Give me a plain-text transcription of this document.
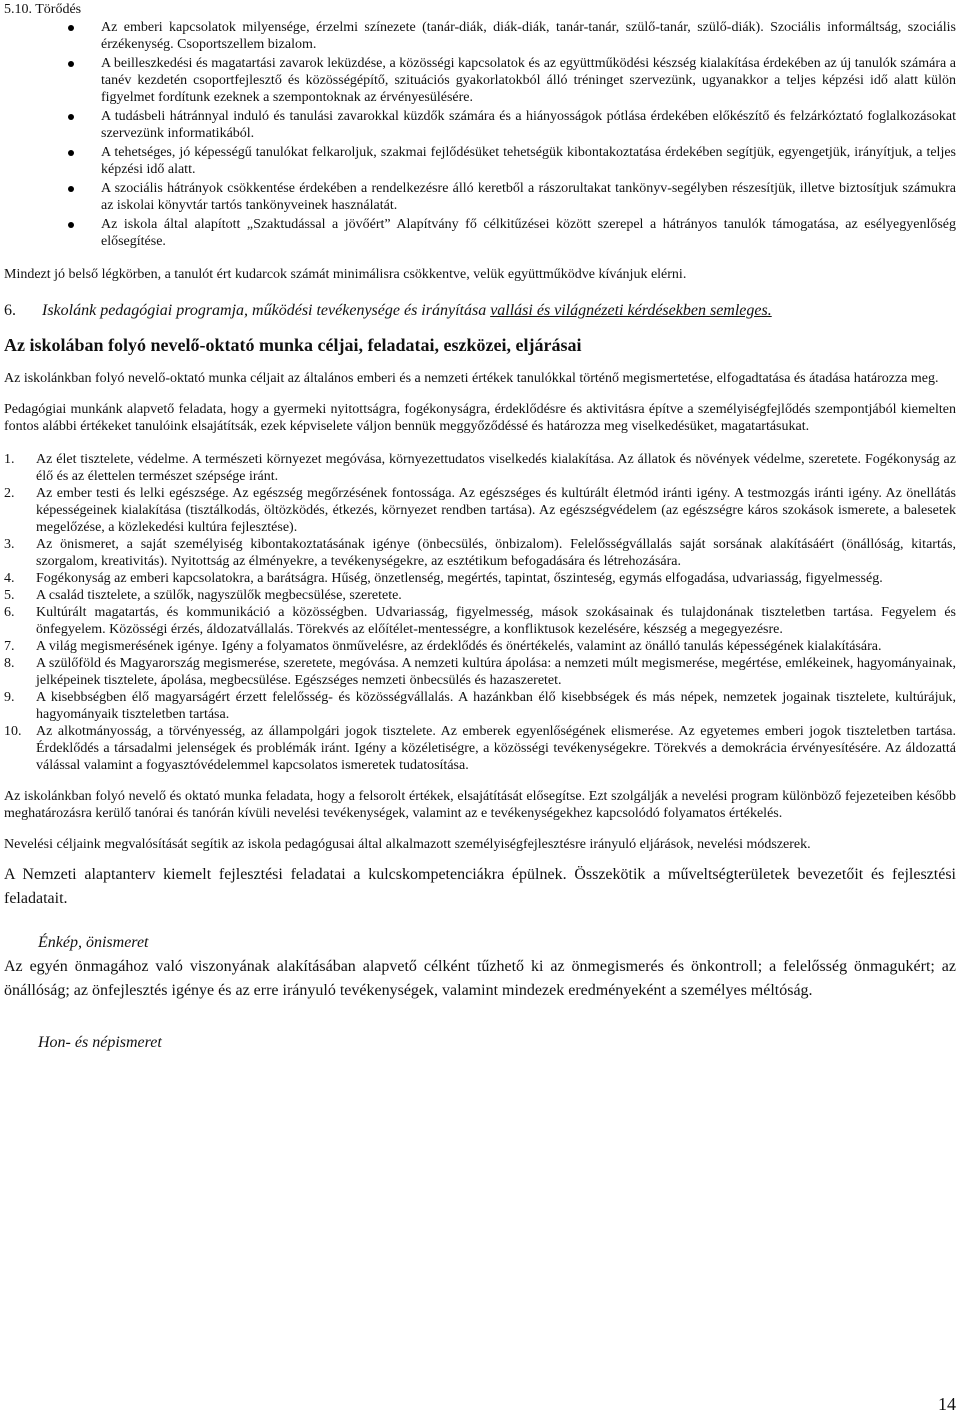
5.10. Törődés
Az emberi kapcsolatok milyensége, érzelmi színezete (tanár-diák, diák-diák, tanár-tanár, szülő-tanár, szülő-diák). Szociális informáltság, szociális érzékenység. Csoportszellem bizalom.
A beilleszkedési és magatartási zavarok leküzdése, a közösségi kapcsolatok és az együttműködési készség kialakítása érdekében az új tanulók számára a tanév kezdetén csoportfejlesztő és közösségépítő, szituációs gyakorlatokból álló tréninget szervezünk, ugyanakkor a teljes képzési idő alatt külön figyelmet fordítunk ezeknek a szempontoknak az érvényesülésére.
A tudásbeli hátránnyal induló és tanulási zavarokkal küzdők számára és a hiányosságok pótlása érdekében előkészítő és felzárkóztató foglalkozásokat szervezünk informatikából.
A tehetséges, jó képességű tanulókat felkaroljuk, szakmai fejlődésüket tehetségük kibontakoztatása érdekében segítjük, egyengetjük, irányítjuk, a teljes képzési idő alatt.
A szociális hátrányok csökkentése érdekében a rendelkezésre álló keretből a rászorultakat tankönyv-segélyben részesítjük, illetve biztosítjuk számukra az iskolai könyvtár tartós tankönyveinek használatát.
Az iskola által alapított „Szaktudással a jövőért” Alapítvány fő célkitűzései között szerepel a hátrányos tanulók támogatása, az esélyegyenlőség elősegítése.

Mindezt jó belső légkörben, a tanulót ért kudarcok számát minimálisra csökkentve, velük együttműködve kívánjuk elérni.

6. Iskolánk pedagógiai programja, működési tevékenysége és irányítása vallási és világnézeti kérdésekben semleges.
Az iskolában folyó nevelő-oktató munka céljai, feladatai, eszközei, eljárásai

Az iskolánkban folyó nevelő-oktató munka céljait az általános emberi és a nemzeti értékek tanulókkal történő megismertetése, elfogadtatása és átadása határozza meg.

Pedagógiai munkánk alapvető feladata, hogy a gyermeki nyitottságra, fogékonyságra, érdeklődésre és aktivitásra építve a személyiségfejlődés szempontjából kiemelten fontos alábbi értékeket tanulóink elsajátítsák, ezek képviselete váljon bennük meggyőződéssé és határozza meg viselkedésüket, magatartásukat.

1. Az élet tisztelete, védelme. A természeti környezet megóvása, környezettudatos viselkedés kialakítása. Az állatok és növények védelme, szeretete. Fogékonyság az élő és az élettelen természet szépsége iránt.
2. Az ember testi és lelki egészsége. Az egészség megőrzésének fontossága. Az egészséges és kultúrált életmód iránti igény. A testmozgás iránti igény. Az önellátás képességeinek kialakítása (tisztálkodás, öltözködés, étkezés, környezet rendben tartása). Az egészségvédelem (az egészségre káros szokások ismerete, a balesetek megelőzése, a közlekedési kultúra fejlesztése).
3. Az önismeret, a saját személyiség kibontakoztatásának igénye (önbecsülés, önbizalom). Felelősségvállalás saját sorsának alakításáért (önállóság, kitartás, szorgalom, kreativitás). Nyitottság az élményekre, a tevékenységekre, az esztétikum befogadására és létrehozására.
4. Fogékonyság az emberi kapcsolatokra, a barátságra. Hűség, önzetlenség, megértés, tapintat, őszinteség, egymás elfogadása, udvariasság, figyelmesség.
5. A család tisztelete, a szülők, nagyszülők megbecsülése, szeretete.
6. Kultúrált magatartás, és kommunikáció a közösségben. Udvariasság, figyelmesség, mások szokásainak és tulajdonának tiszteletben tartása. Fegyelem és önfegyelem. Közösségi érzés, áldozatvállalás. Törekvés az előítélet-mentességre, a konfliktusok kezelésére, készség a megegyezésre.
7. A világ megismerésének igénye. Igény a folyamatos önművelésre, az érdeklődés és önértékelés, valamint az önálló tanulás képességének kialakítására.
8. A szülőföld és Magyarország megismerése, szeretete, megóvása. A nemzeti kultúra ápolása: a nemzeti múlt megismerése, megértése, emlékeinek, hagyományainak, jelképeinek tisztelete, ápolása, megbecsülése. Egészséges nemzeti önbecsülés és hazaszeretet.
9. A kisebbségben élő magyarságért érzett felelősség- és közösségvállalás. A hazánkban élő kisebbségek és más népek, nemzetek jogainak tisztelete, kultúrájuk, hagyományaik tiszteletben tartása.
10. Az alkotmányosság, a törvényesség, az állampolgári jogok tisztelete. Az emberek egyenlőségének elismerése. Az egyetemes emberi jogok tiszteletben tartása. Érdeklődés a társadalmi jelenségek és problémák iránt. Igény a közéletiségre, a közösségi tevékenységekre. Törekvés a demokrácia érvényesítésére. Az áldozattá válással valamint a fogyasztóvédelemmel kapcsolatos ismeretek tudatosítása.

Az iskolánkban folyó nevelő és oktató munka feladata, hogy a felsorolt értékek, elsajátítását elősegítse. Ezt szolgálják a nevelési program különböző fejezeteiben később meghatározásra kerülő tanórai és tanórán kívüli nevelési tevékenységek, valamint az e tevékenységekhez kapcsolódó folyamatos értékelés.

Nevelési céljaink megvalósítását segítik az iskola pedagógusai által alkalmazott személyiségfejlesztésre irányuló eljárások, nevelési módszerek.

A Nemzeti alaptanterv kiemelt fejlesztési feladatai a kulcskompetenciákra épülnek. Összekötik a műveltségterületek bevezetőit és fejlesztési feladatait.

Énkép, önismeret

Az egyén önmagához való viszonyának alakításában alapvető célként tűzhető ki az önmegismerés és önkontroll; a felelősség önmagukért; az önállóság; az önfejlesztés igénye és az erre irányuló tevékenységek, valamint mindezek eredményeként a személyes méltóság.

Hon- és népismeret

14
